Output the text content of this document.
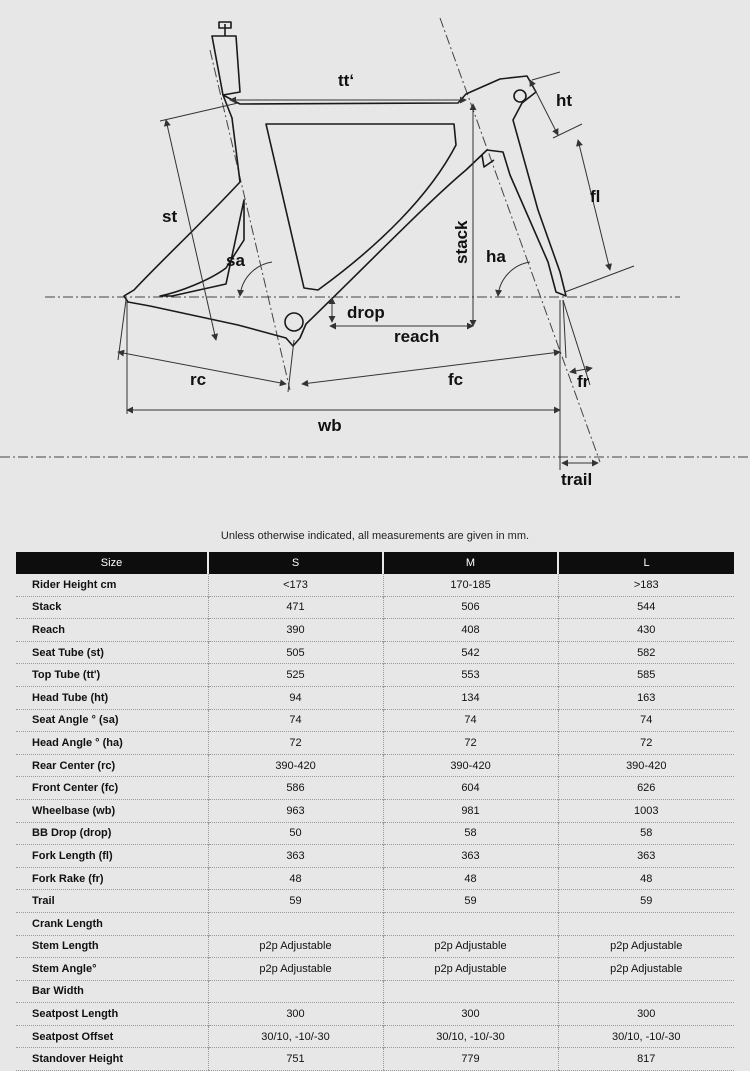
tt‘
ht
st
fl
sa	stack ha
drop
reach
rc	fc	fr
wb
trail
Unless otherwise indicated, all measurements are given in mm.
Size	S	M	L
Rider Height cm	<173	170-185	>183
Stack	471	506	544
Reach	390	408	430
Seat Tube (st)	505	542	582
Top Tube (tt')	525	553	585
Head Tube (ht)	94	134	163
Seat Angle ° (sa)	74	74	74
Head Angle ° (ha)	72	72	72
Rear Center (rc)	390-420	390-420	390-420
Front Center (fc)	586	604	626
Wheelbase (wb)	963	981	1003
BB Drop (drop)	50	58	58
Fork Length (fl)	363	363	363
Fork Rake (fr)	48	48	48
Trail	59	59	59
Crank Length			
Stem Length	p2p Adjustable	p2p Adjustable	p2p Adjustable
Stem Angle°	p2p Adjustable	p2p Adjustable	p2p Adjustable
Bar Width			
Seatpost Length	300	300	300
Seatpost Offset	30/10, -10/-30	30/10, -10/-30	30/10, -10/-30
Standover Height	751	779	817
